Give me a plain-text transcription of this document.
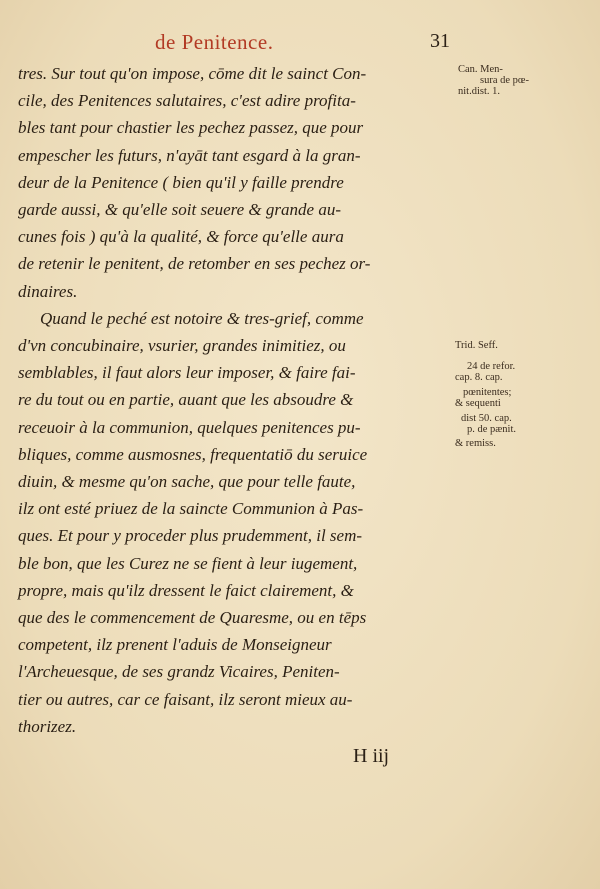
de Penitence.	31
tres. Sur tout qu'on impose, cōme dit le sainct Con-
cile, des Penitences salutaires, c'est adire profita-
bles tant pour chastier les pechez passez, que pour
empescher les futurs, n'ayāt tant esgard à la gran-
deur de la Penitence ( bien qu'il y faille prendre
garde aussi, & qu'elle soit seuere & grande au-
cunes fois ) qu'à la qualité, & force qu'elle aura
de retenir le penitent, de retomber en ses pechez or-
dinaires.
Quand le peché est notoire & tres-grief, comme
d'vn concubinaire, vsurier, grandes inimitiez, ou
semblables, il faut alors leur imposer, & faire fai-
re du tout ou en partie, auant que les absoudre &
receuoir à la communion, quelques penitences pu-
bliques, comme ausmosnes, frequentatiō du seruice
diuin, & mesme qu'on sache, que pour telle faute,
ilz ont esté priuez de la saincte Communion à Pas-
ques. Et pour y proceder plus prudemment, il sem-
ble bon, que les Curez ne se fient à leur iugement,
propre, mais qu'ilz dressent le faict clairement, &
que des le commencement de Quaresme, ou en tēps
competent, ilz prenent l'aduis de Monseigneur
l'Archeuesque, de ses grandz Vicaires, Peniten-
tier ou autres, car ce faisant, ilz seront mieux au-
thorizez.
Can. Men-
sura de pœ-
nit.dist. 1.
Trid. Seff.
24 de refor.
cap. 8. cap.
pœnitentes;
& sequenti
dist 50. cap.
p. de pænit.
& remiss.
H iij
